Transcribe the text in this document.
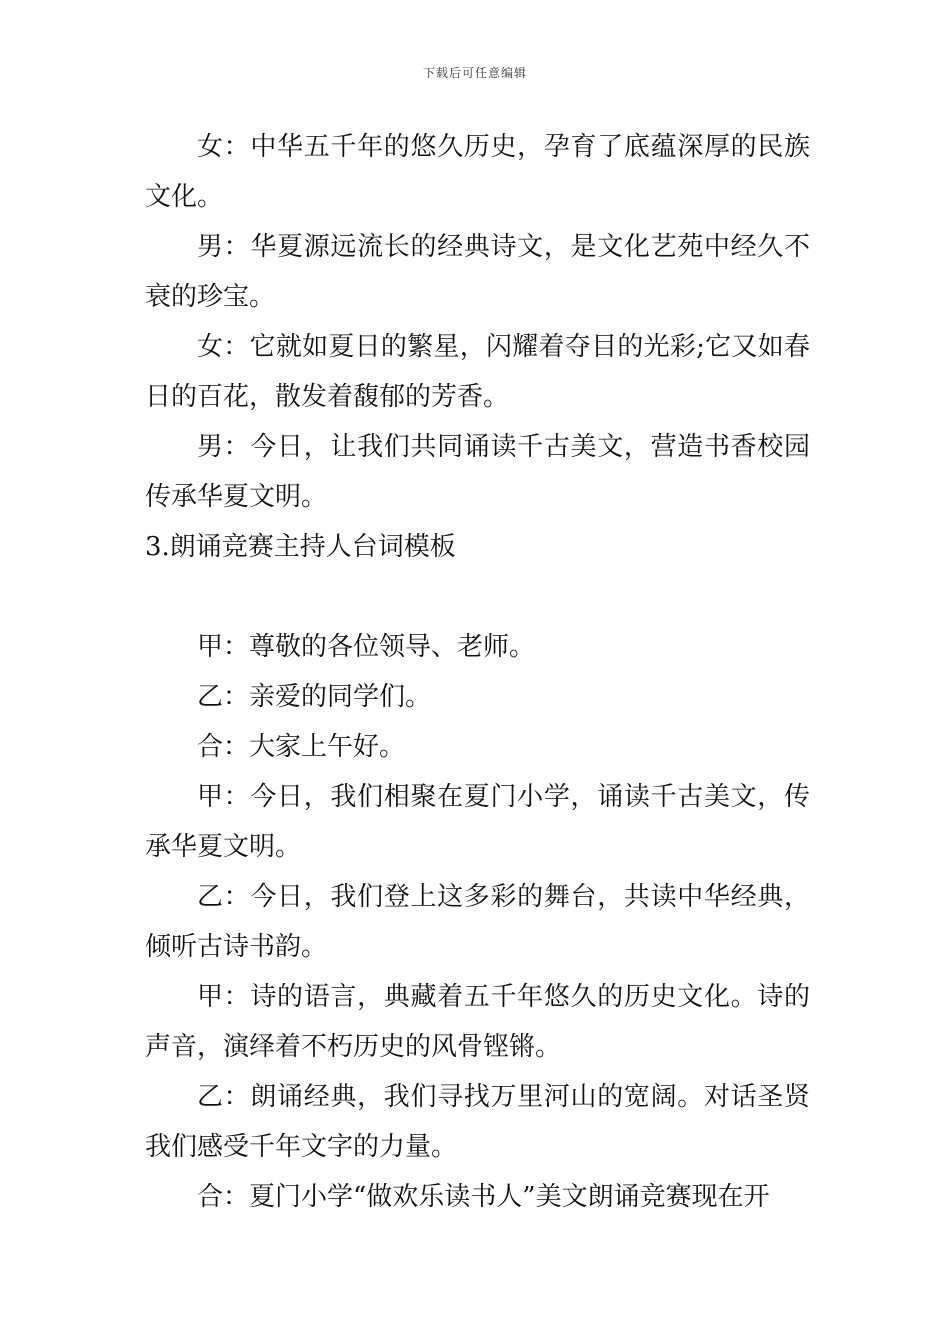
下载后可任意编辑

女：中华五千年的悠久历史，孕育了底蕴深厚的民族文化。

男：华夏源远流长的经典诗文，是文化艺苑中经久不衰的珍宝。

女：它就如夏日的繁星，闪耀着夺目的光彩;它又如春日的百花，散发着馥郁的芳香。

男：今日，让我们共同诵读千古美文，营造书香校园传承华夏文明。

3.朗诵竞赛主持人台词模板

甲：尊敬的各位领导、老师。

乙：亲爱的同学们。

合：大家上午好。

甲：今日，我们相聚在夏门小学，诵读千古美文，传承华夏文明。

乙：今日，我们登上这多彩的舞台，共读中华经典，倾听古诗书韵。

甲：诗的语言，典藏着五千年悠久的历史文化。诗的声音，演绎着不朽历史的风骨铿锵。

乙：朗诵经典，我们寻找万里河山的宽阔。对话圣贤我们感受千年文字的力量。

合：夏门小学“做欢乐读书人”美文朗诵竞赛现在开
